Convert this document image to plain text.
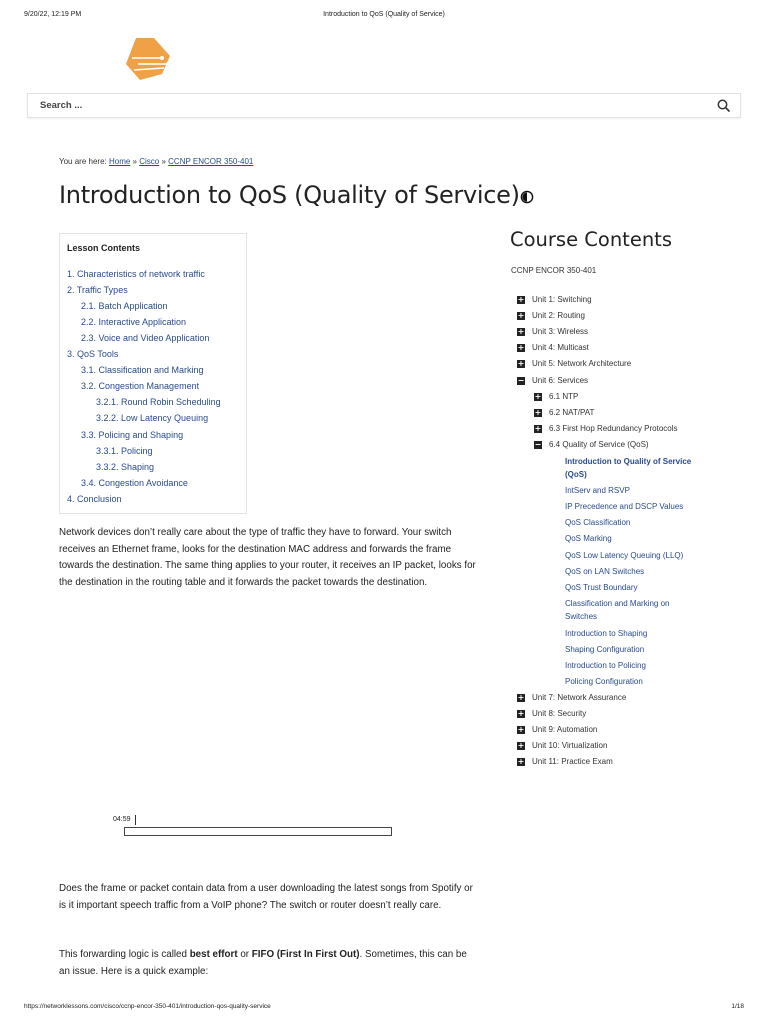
9/20/22, 12:19 PM	Introduction to QoS (Quality of Service)
Search ...
You are here: Home » Cisco » CCNP ENCOR 350-401
Introduction to QoS (Quality of Service)
Lesson Contents
1. Characteristics of network traffic
2. Traffic Types
2.1. Batch Application
2.2. Interactive Application
2.3. Voice and Video Application
3. QoS Tools
3.1. Classification and Marking
3.2. Congestion Management
3.2.1. Round Robin Scheduling
3.2.2. Low Latency Queuing
3.3. Policing and Shaping
3.3.1. Policing
3.3.2. Shaping
3.4. Congestion Avoidance
4. Conclusion

Network devices don’t really care about the type of traffic they have to forward. Your switch receives an Ethernet frame, looks for the destination MAC address and forwards the frame towards the destination. The same thing applies to your router, it receives an IP packet, looks for the destination in the routing table and it forwards the packet towards the destination.

04:59

Does the frame or packet contain data from a user downloading the latest songs from Spotify or is it important speech traffic from a VoIP phone? The switch or router doesn’t really care.

This forwarding logic is called best effort or FIFO (First In First Out). Sometimes, this can be an issue. Here is a quick example:

Course Contents
CCNP ENCOR 350-401
+ Unit 1: Switching
+ Unit 2: Routing
+ Unit 3: Wireless
+ Unit 4: Multicast
+ Unit 5: Network Architecture
− Unit 6: Services
+ 6.1 NTP
+ 6.2 NAT/PAT
+ 6.3 First Hop Redundancy Protocols
− 6.4 Quality of Service (QoS)
Introduction to Quality of Service
(QoS)
IntServ and RSVP
IP Precedence and DSCP Values
QoS Classification
QoS Marking
QoS Low Latency Queuing (LLQ)
QoS on LAN Switches
QoS Trust Boundary
Classification and Marking on
Switches
Introduction to Shaping
Shaping Configuration
Introduction to Policing
Policing Configuration
+ Unit 7: Network Assurance
+ Unit 8: Security
+ Unit 9: Automation
+ Unit 10: Virtualization
+ Unit 11: Practice Exam
https://networklessons.com/cisco/ccnp-encor-350-401/introduction-qos-quality-service	1/18
